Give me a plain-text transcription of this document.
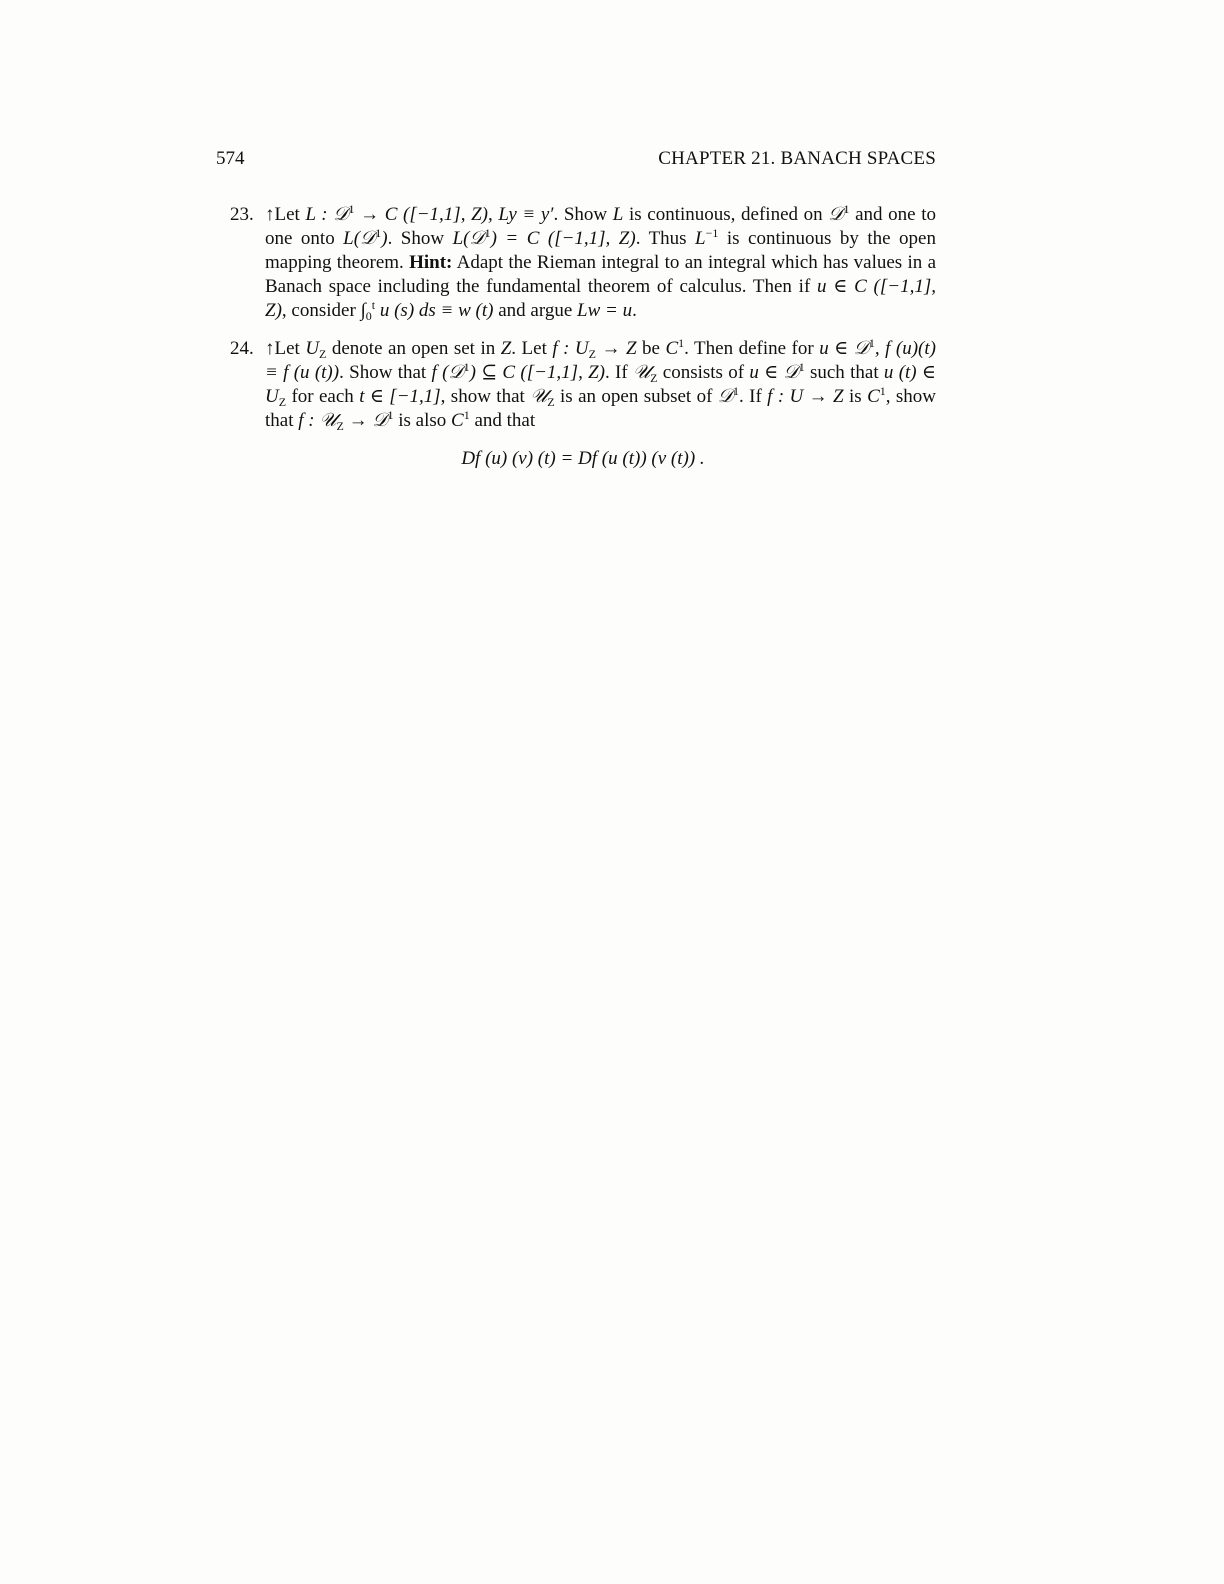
574	CHAPTER 21. BANACH SPACES
23. ↑Let L : 𝒟$^1$ → C ([−1,1], Z), Ly ≡ y′. Show L is continuous, defined on 𝒟$^1$ and one to one onto L(𝒟$^1$). Show L(𝒟$^1$) = C ([−1,1], Z). Thus $L^{-1}$ is continuous by the open mapping theorem. Hint: Adapt the Rieman integral to an integral which has values in a Banach space including the fundamental theorem of calculus. Then if u ∈ C ([−1,1], Z), consider $\int_0^t$ u (s) ds ≡ w (t) and argue Lw = u.
24. ↑Let $U_Z$ denote an open set in Z. Let f : $U_Z \to Z$ be $C^1$. Then define for u ∈ 𝒟$^1$, f (u)(t) ≡ f (u (t)). Show that f (𝒟$^1$) ⊆ C ([−1,1], Z). If 𝒰$_Z$ consists of u ∈ 𝒟$^1$ such that u (t) ∈ $U_Z$ for each t ∈ [−1,1], show that 𝒰$_Z$ is an open subset of 𝒟$^1$. If f : U → Z is $C^1$, show that f : 𝒰$_Z$ → 𝒟$^1$ is also $C^1$ and that
Df (u) (v) (t) = Df (u (t)) (v (t)) .
